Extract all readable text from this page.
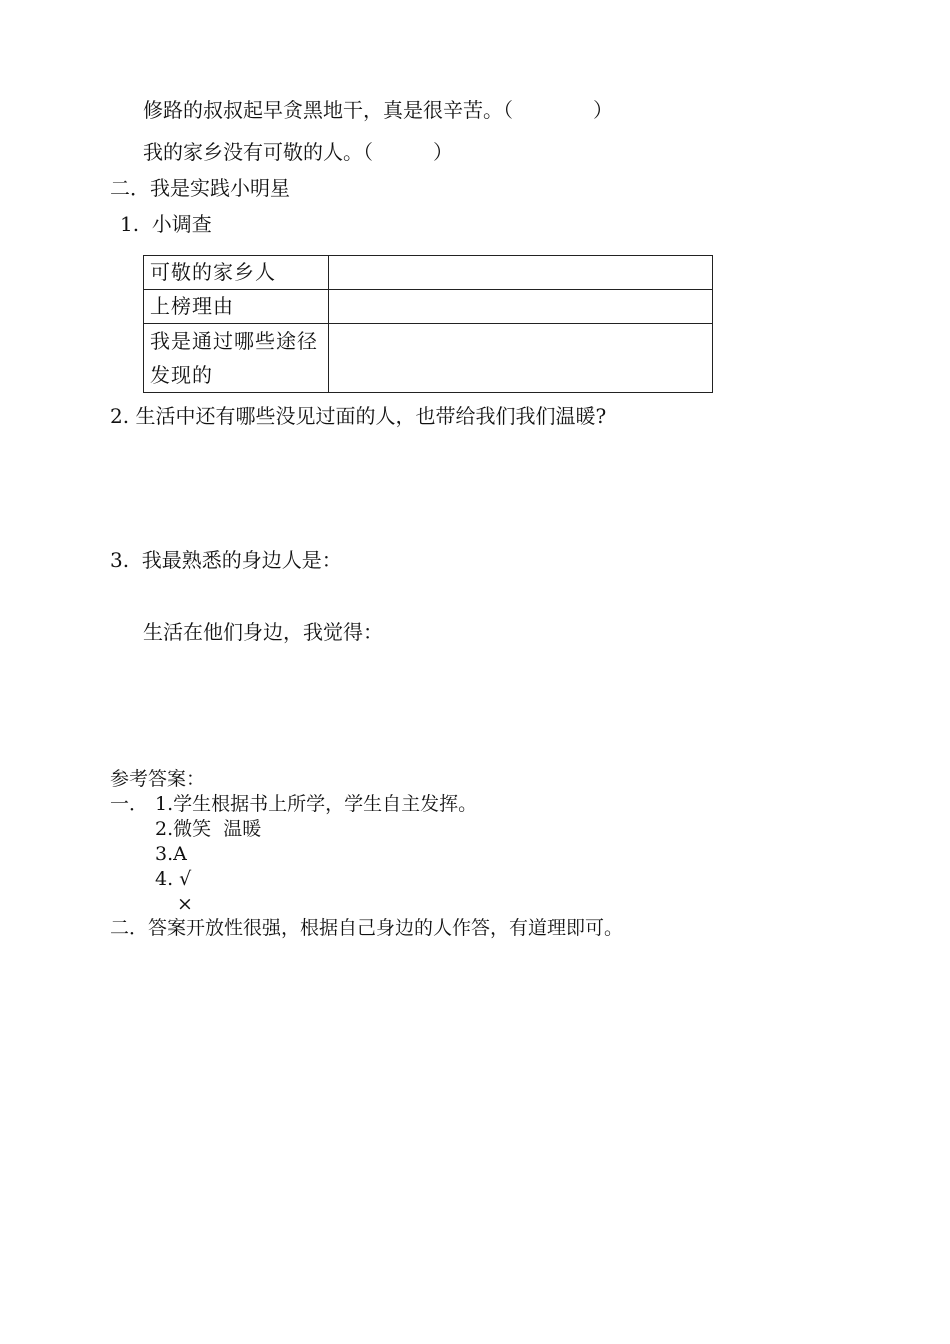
修路的叔叔起早贪黑地干，真是很辛苦。（　　　　）
我的家乡没有可敬的人。（　　　）
二．我是实践小明星
1.  小调查
可敬的家乡人	
上榜理由	
我是通过哪些途径发现的	
2. 生活中还有哪些没见过面的人，也带给我们我们温暖?
3.  我最熟悉的身边人是：
生活在他们身边，我觉得：
参考答案：
一． 1.学生根据书上所学，学生自主发挥。
2.微笑  温暖
3.A
4. √
×
二．答案开放性很强，根据自己身边的人作答，有道理即可。
